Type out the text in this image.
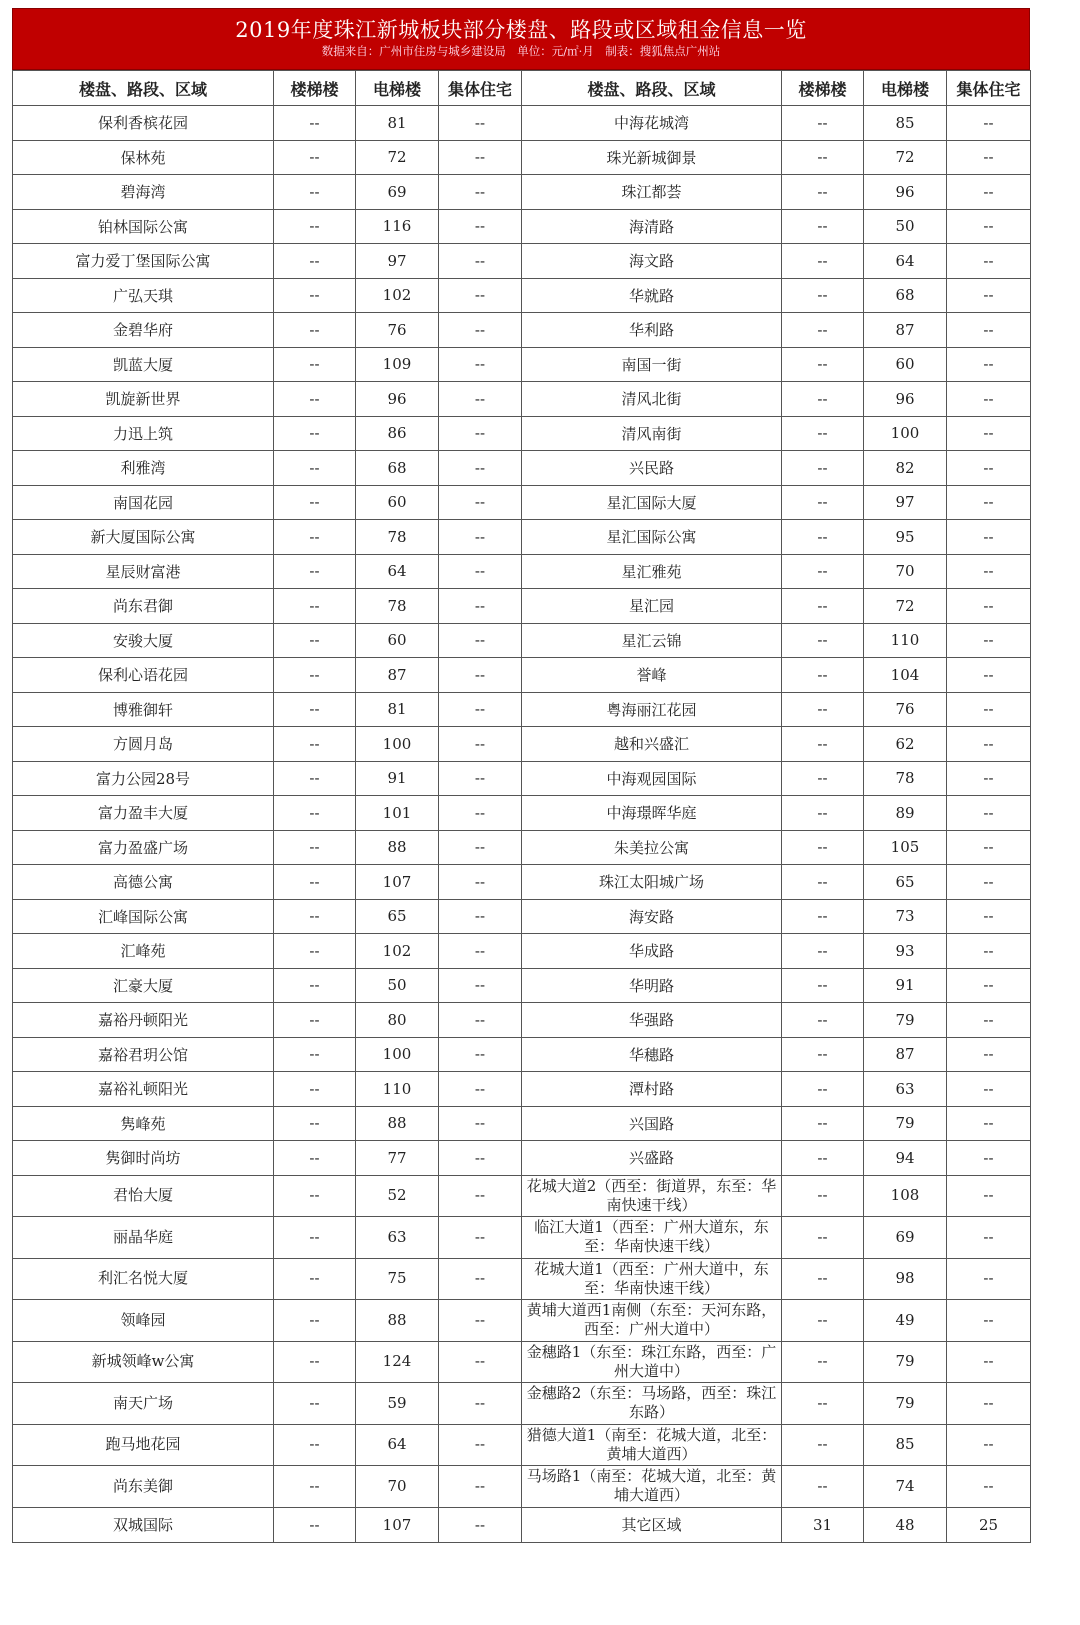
2019年度珠江新城板块部分楼盘、路段或区域租金信息一览
数据来自：广州市住房与城乡建设局　单位：元/㎡·月　制表：搜狐焦点广州站
楼盘、路段、区域	楼梯楼	电梯楼	集体住宅	楼盘、路段、区域	楼梯楼	电梯楼	集体住宅
保利香槟花园	--	81	--	中海花城湾	--	85	--
保林苑	--	72	--	珠光新城御景	--	72	--
碧海湾	--	69	--	珠江都荟	--	96	--
铂林国际公寓	--	116	--	海清路	--	50	--
富力爱丁堡国际公寓	--	97	--	海文路	--	64	--
广弘天琪	--	102	--	华就路	--	68	--
金碧华府	--	76	--	华利路	--	87	--
凯蓝大厦	--	109	--	南国一街	--	60	--
凯旋新世界	--	96	--	清风北街	--	96	--
力迅上筑	--	86	--	清风南街	--	100	--
利雅湾	--	68	--	兴民路	--	82	--
南国花园	--	60	--	星汇国际大厦	--	97	--
新大厦国际公寓	--	78	--	星汇国际公寓	--	95	--
星辰财富港	--	64	--	星汇雅苑	--	70	--
尚东君御	--	78	--	星汇园	--	72	--
安骏大厦	--	60	--	星汇云锦	--	110	--
保利心语花园	--	87	--	誉峰	--	104	--
博雅御轩	--	81	--	粤海丽江花园	--	76	--
方圆月岛	--	100	--	越和兴盛汇	--	62	--
富力公园28号	--	91	--	中海观园国际	--	78	--
富力盈丰大厦	--	101	--	中海璟晖华庭	--	89	--
富力盈盛广场	--	88	--	朱美拉公寓	--	105	--
高德公寓	--	107	--	珠江太阳城广场	--	65	--
汇峰国际公寓	--	65	--	海安路	--	73	--
汇峰苑	--	102	--	华成路	--	93	--
汇豪大厦	--	50	--	华明路	--	91	--
嘉裕丹顿阳光	--	80	--	华强路	--	79	--
嘉裕君玥公馆	--	100	--	华穗路	--	87	--
嘉裕礼顿阳光	--	110	--	潭村路	--	63	--
隽峰苑	--	88	--	兴国路	--	79	--
隽御时尚坊	--	77	--	兴盛路	--	94	--
君怡大厦	--	52	--	花城大道2（西至：街道界，东至：华南快速干线）	--	108	--
丽晶华庭	--	63	--	临江大道1（西至：广州大道东，东至：华南快速干线）	--	69	--
利汇名悦大厦	--	75	--	花城大道1（西至：广州大道中，东至：华南快速干线）	--	98	--
领峰园	--	88	--	黄埔大道西1南侧（东至：天河东路，西至：广州大道中）	--	49	--
新城领峰w公寓	--	124	--	金穗路1（东至：珠江东路，西至：广州大道中）	--	79	--
南天广场	--	59	--	金穗路2（东至：马场路，西至：珠江东路）	--	79	--
跑马地花园	--	64	--	猎德大道1（南至：花城大道，北至：黄埔大道西）	--	85	--
尚东美御	--	70	--	马场路1（南至：花城大道，北至：黄埔大道西）	--	74	--
双城国际	--	107	--	其它区域	31	48	25
